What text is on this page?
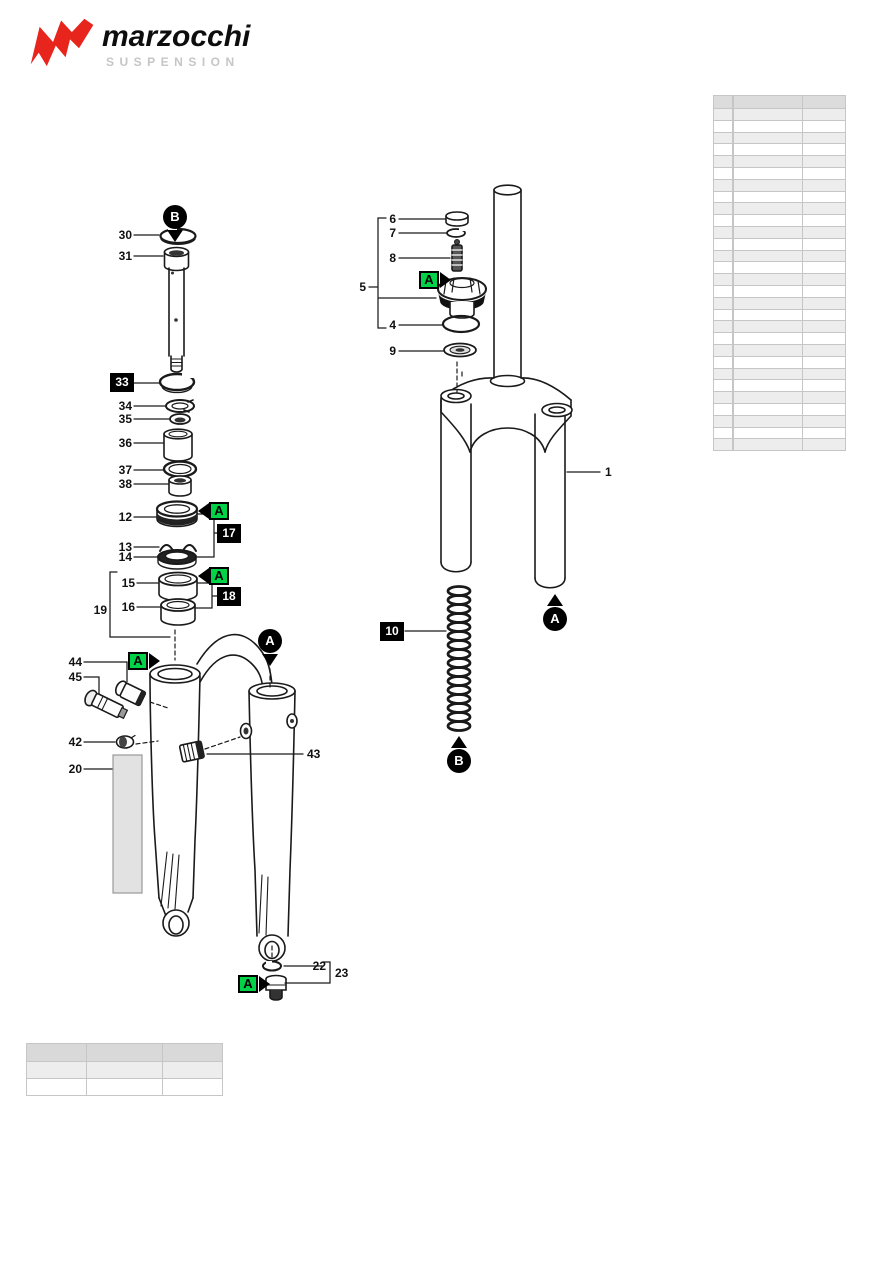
marzocchi
SUSPENSION
30
31
34
35
36
37
38
12
13
14
15
16
19
44
45
42
20
43
22 23
6
7
8
5
4
9
1
33
17
18
10
A
A
A
A
A
B
A
A
B
